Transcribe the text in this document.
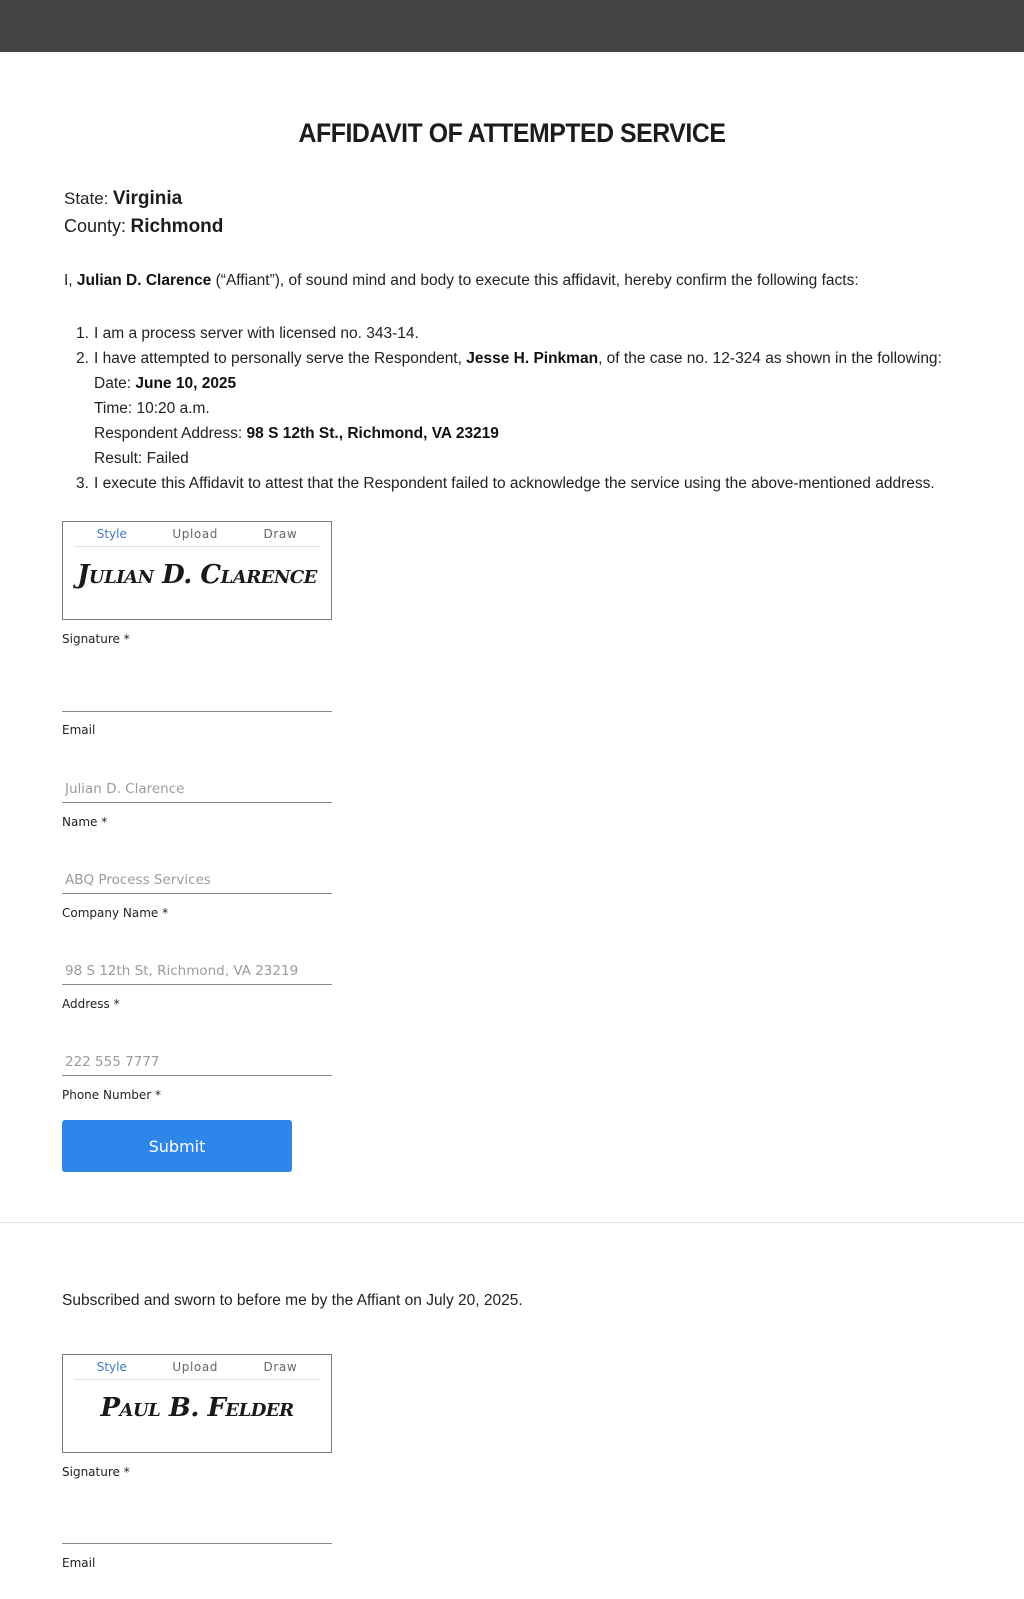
AFFIDAVIT OF ATTEMPTED SERVICE
State: Virginia
County: Richmond

I, Julian D. Clarence (“Affiant”), of sound mind and body to execute this affidavit, hereby confirm the following facts:

1. I am a process server with licensed no. 343-14.
2. I have attempted to personally serve the Respondent, Jesse H. Pinkman, of the case no. 12-324 as shown in the following:
Date: June 10, 2025
Time: 10:20 a.m.
Respondent Address: 98 S 12th St., Richmond, VA 23219
Result: Failed
3. I execute this Affidavit to attest that the Respondent failed to acknowledge the service using the above-mentioned address.
Style	Upload	Draw
Julian D. Clarence
Signature *
Email
Julian D. Clarence
Name *
ABQ Process Services
Company Name *
98 S 12th St, Richmond, VA 23219
Address *
222 555 7777
Phone Number *
Submit

Subscribed and sworn to before me by the Affiant on July 20, 2025.

Style	Upload	Draw
Paul B. Felder
Signature *
Email
